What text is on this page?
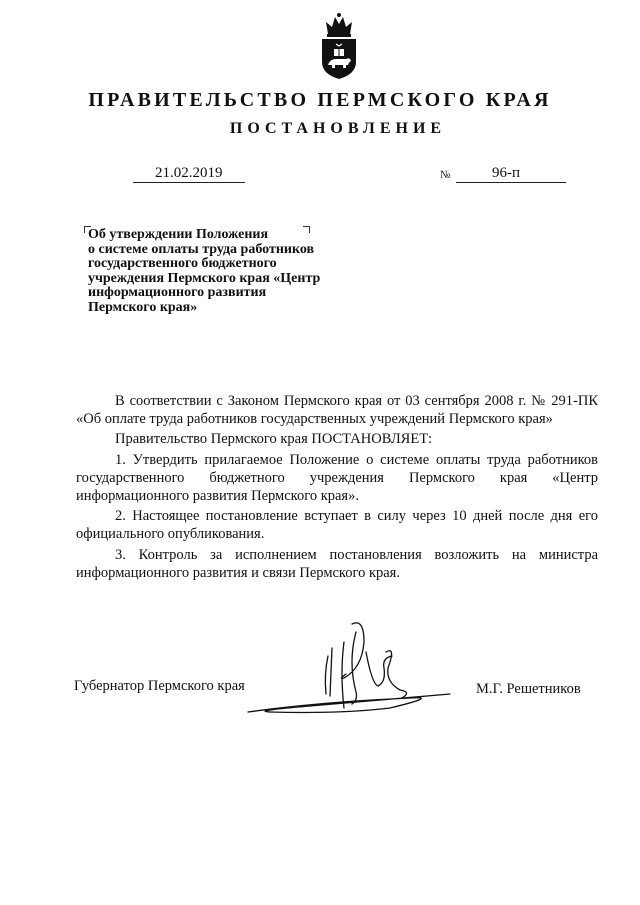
ПРАВИТЕЛЬСТВО ПЕРМСКОГО КРАЯ
ПОСТАНОВЛЕНИЕ
21.02.2019	№	96-п
Об утверждении Положения
о системе оплаты труда работников
государственного бюджетного
учреждения Пермского края «Центр
информационного развития
Пермского края»

В соответствии с Законом Пермского края от 03 сентября 2008 г. № 291-ПК «Об оплате труда работников государственных учреждений Пермского края»

Правительство Пермского края ПОСТАНОВЛЯЕТ:

1. Утвердить прилагаемое Положение о системе оплаты труда работников государственного бюджетного учреждения Пермского края «Центр информационного развития Пермского края».

2. Настоящее постановление вступает в силу через 10 дней после дня его официального опубликования.

3. Контроль за исполнением постановления возложить на министра информационного развития и связи Пермского края.

Губернатор Пермского края	М.Г. Решетников
